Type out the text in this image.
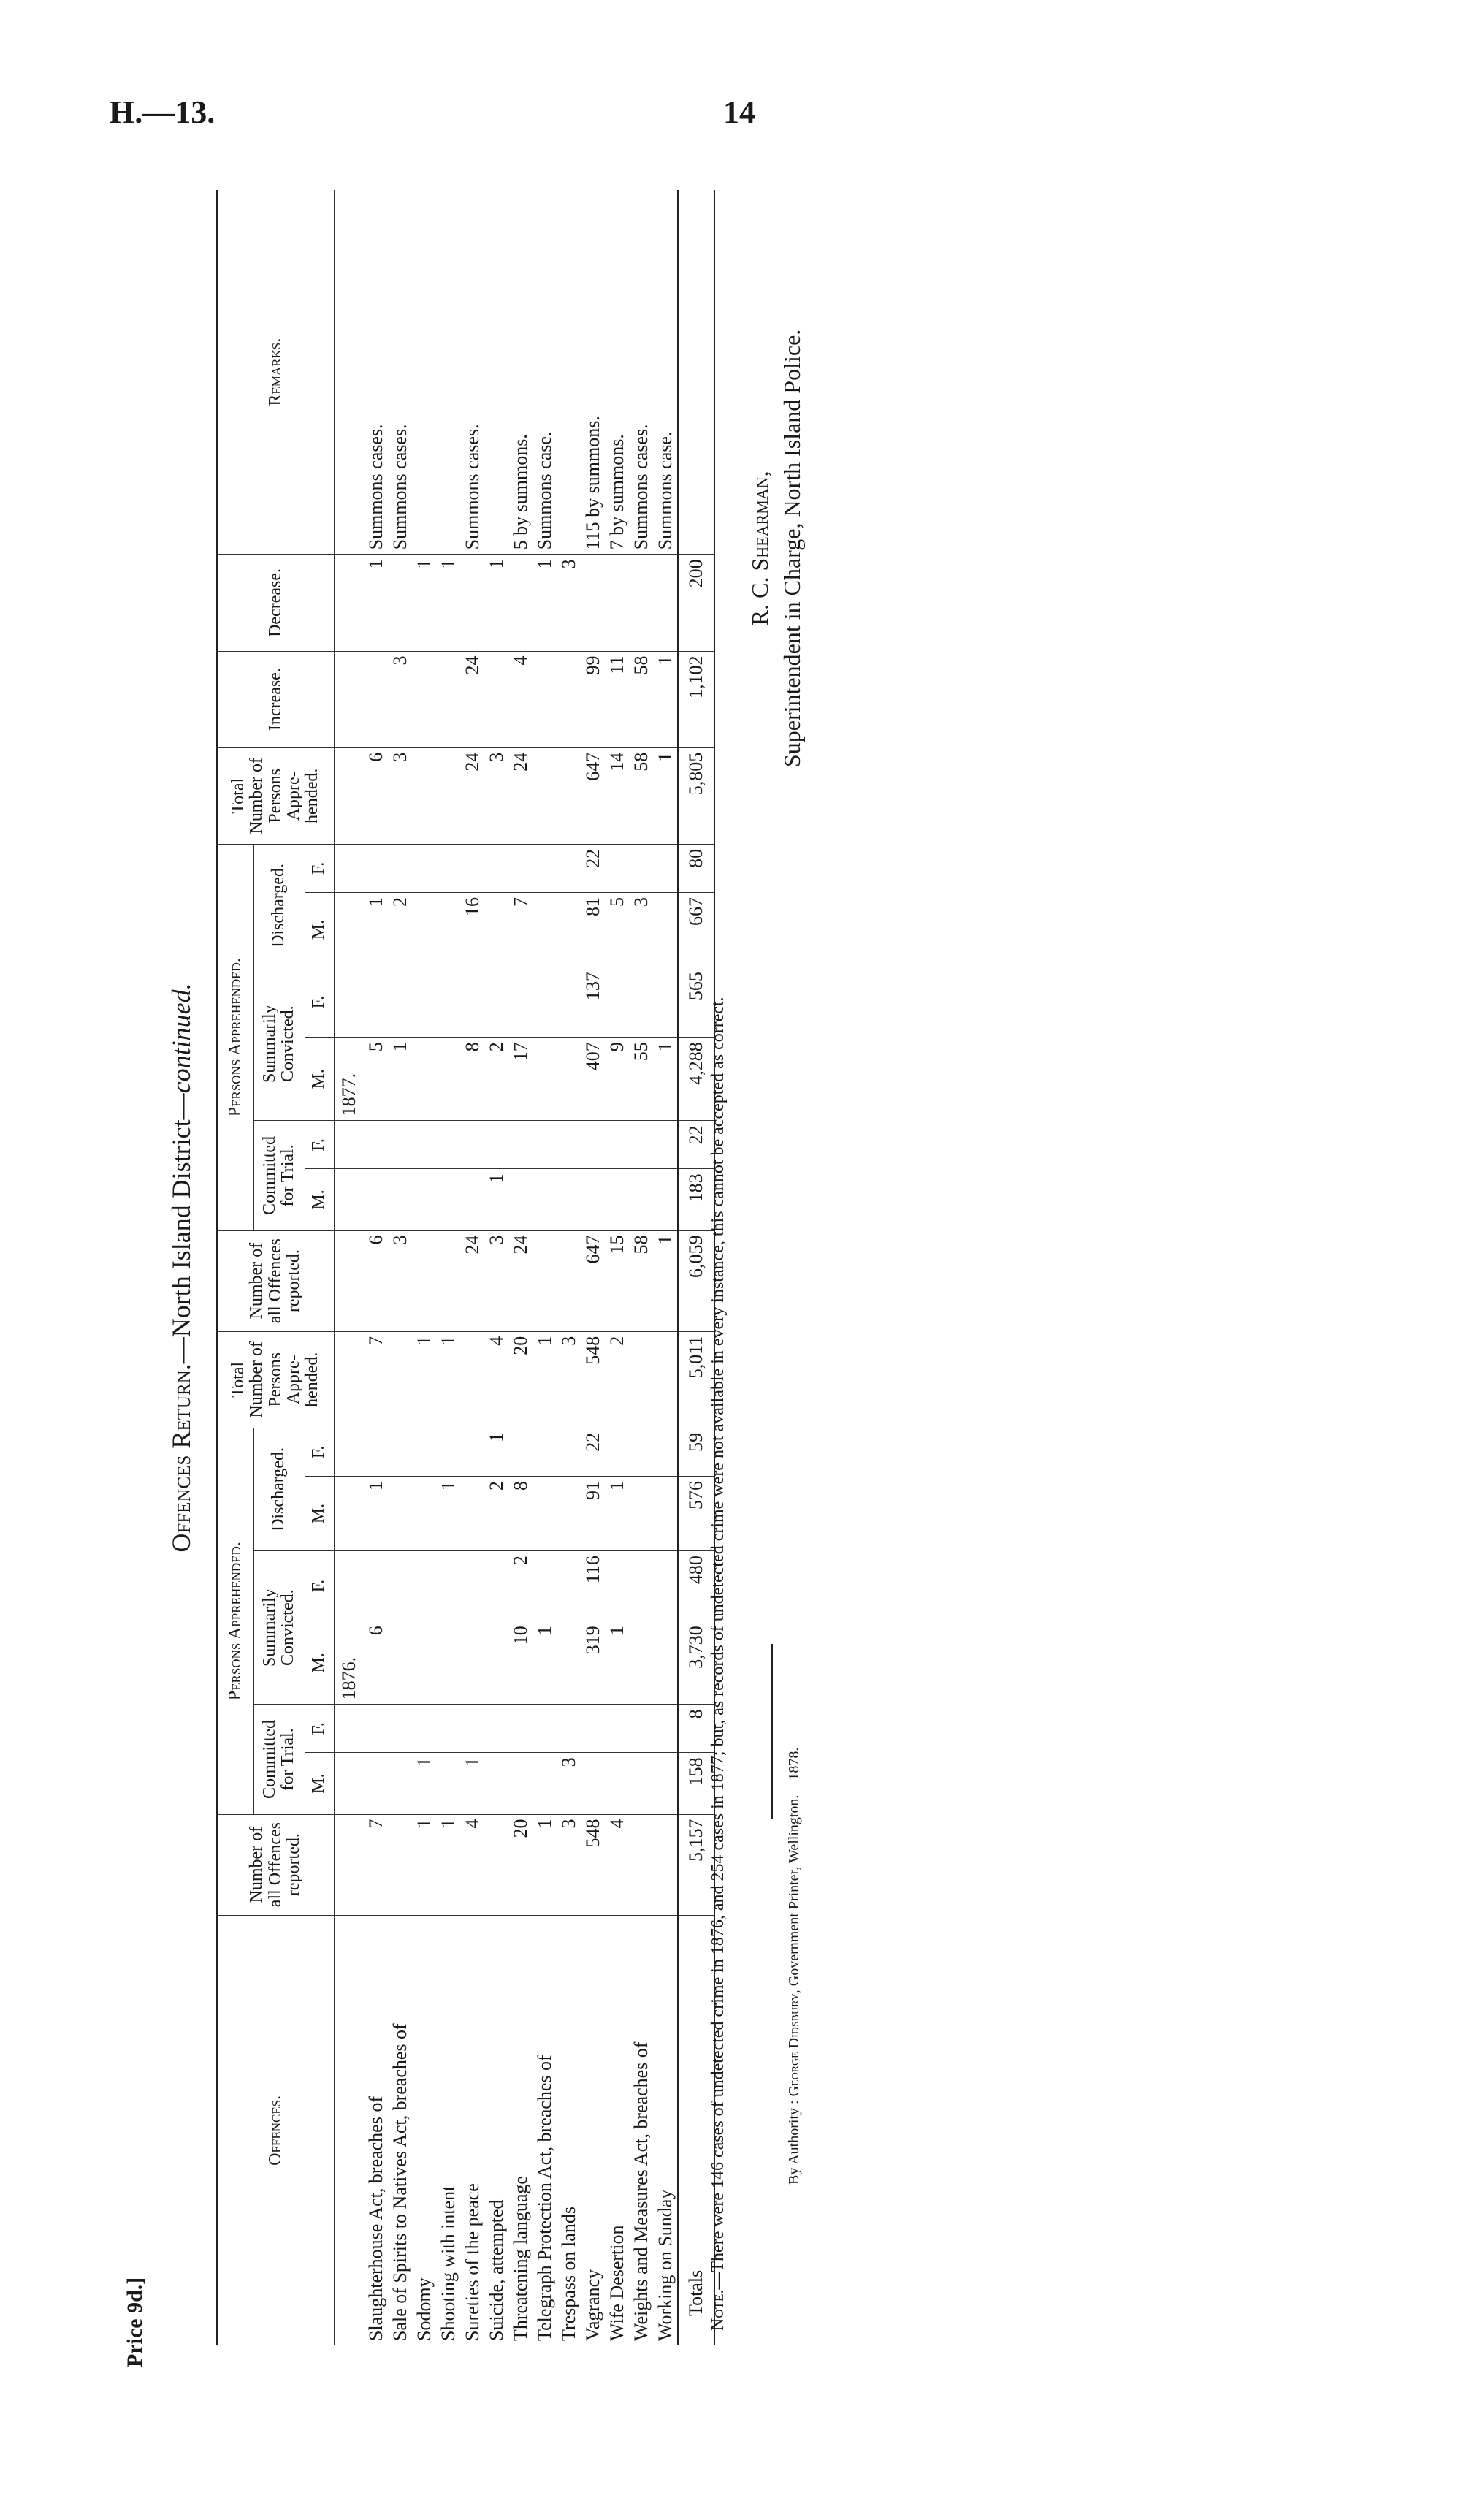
H.—13.	14
Price 9d.]
Offences Return.—North Island District—continued.
Offences.	Number of all Offences reported.	Persons Apprehended.						Total Number of Persons Appre- hended.	Number of all Offences reported.	Persons Apprehended.						Total Number of Persons Appre- hended.	Increase.	Decrease.	Remarks.
		Committed for Trial.		Summarily Convicted.		Discharged.				Committed for Trial.		Summarily Convicted.		Discharged.					
		M.	F.	M.	F.	M.	F.			M.	F.	M.	F.	M.	F.				
				1876.								1877.							
Slaughterhouse Act, breaches of	7			6		1		7	6			5		1		6		1	Summons cases.
Sale of Spirits to Natives Act, breaches of									3			1		2		3	3		Summons cases.
Sodomy	1	1						1										1	
Shooting with intent	1					1		1										1	
Sureties of the peace	4	1							24			8		16		24	24		Summons cases.
Suicide, attempted						2	1	4	3	1		2				3		1	
Threatening language	20			10	2	8		20	24			17		7		24	4		5 by summons.
Telegraph Protection Act, breaches of	1			1				1										1	Summons case.
Trespass on lands	3	3						3										3	
Vagrancy	548			319	116	91	22	548	647			407	137	81	22	647	99		115 by summons.
Wife Desertion	4			1		1		2	15			9		5		14	11		7 by summons.
Weights and Measures Act, breaches of									58			55		3		58	58		Summons cases.
Working on Sunday									1			1				1	1		Summons case.
Totals	5,157	158	8	3,730	480	576	59	5,011	6,059	183	22	4,288	565	667	80	5,805	1,102	200	
Note.—There were 146 cases of undetected crime in 1876, and 254 cases in 1877; but, as records of undetected crime were not available in every instance, this cannot be accepted as correct.	By Authority : George Didsbury, Government Printer, Wellington.—1878.
R. C. Shearman, Superintendent in Charge, North Island Police.
